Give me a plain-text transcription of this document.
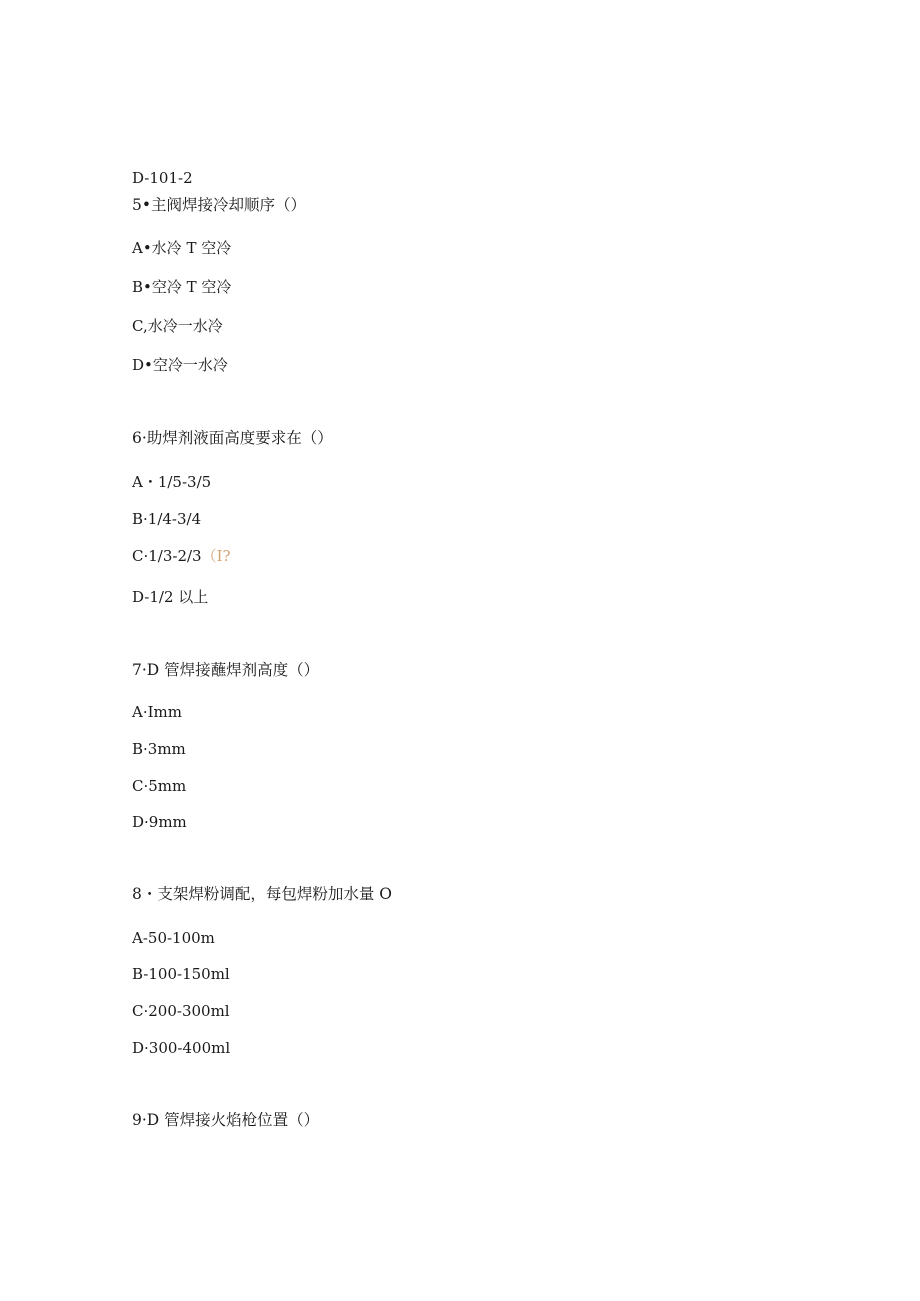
D-101-2
5•主阀焊接冷却顺序（）
A•水冷 T 空冷
B•空冷 T 空冷
C,水冷一水冷
D•空冷一水冷
6·助焊剂液面高度要求在（）
A・1/5-3/5
B·1/4-3/4
C·1/3-2/3（I?
D-1/2 以上
7·D 管焊接蘸焊剂高度（）
A·Imm
B·3mm
C·5mm
D·9mm
8・支架焊粉调配，每包焊粉加水量 O
A-50-100m
B-100-150ml
C·200-300ml
D·300-400ml
9·D 管焊接火焰枪位置（）
